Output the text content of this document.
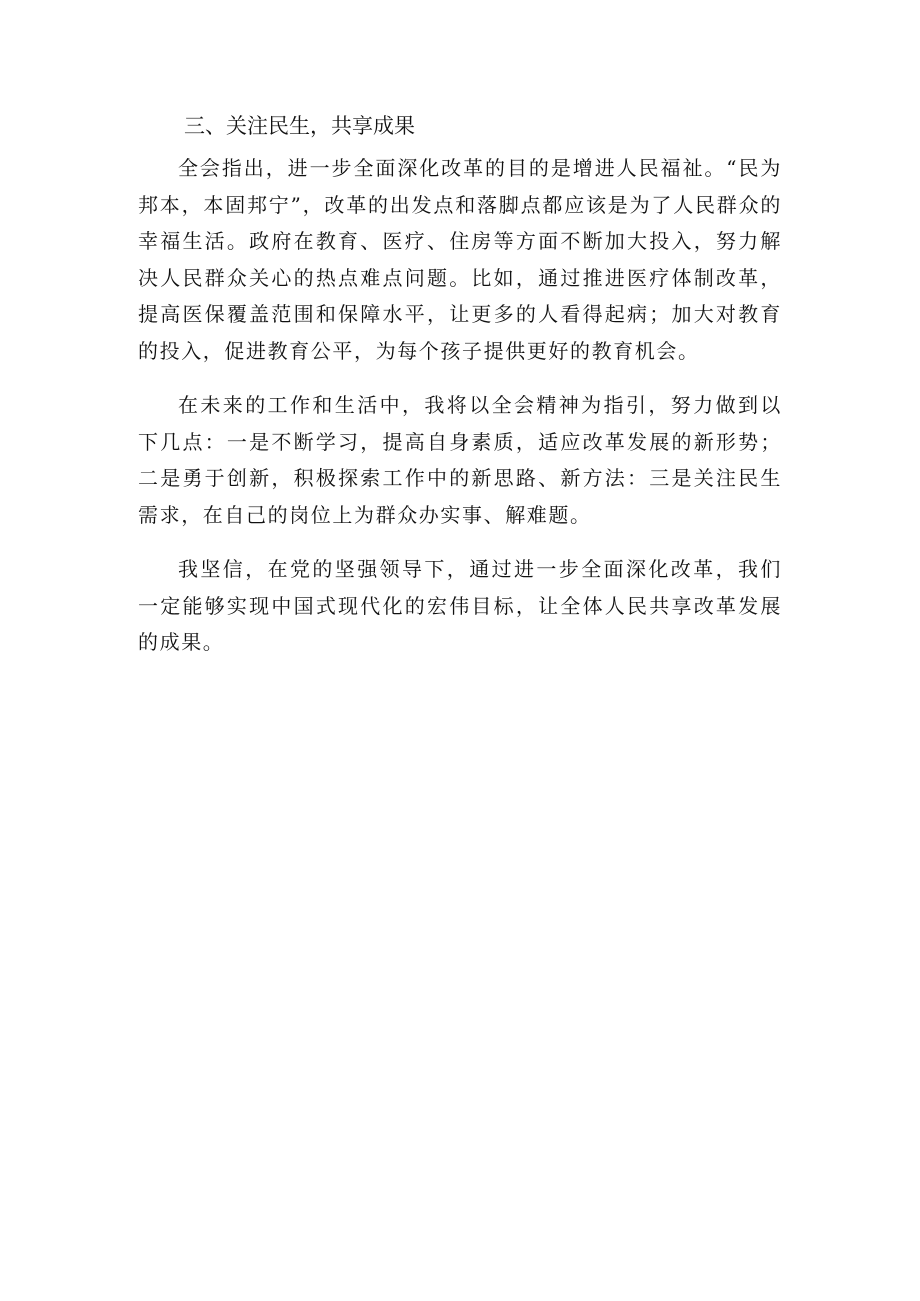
三、关注民生，共享成果

全会指出，进一步全面深化改革的目的是增进人民福祉。“民为邦本，本固邦宁”，改革的出发点和落脚点都应该是为了人民群众的幸福生活。政府在教育、医疗、住房等方面不断加大投入，努力解决人民群众关心的热点难点问题。比如，通过推进医疗体制改革，提高医保覆盖范围和保障水平，让更多的人看得起病；加大对教育的投入，促进教育公平，为每个孩子提供更好的教育机会。

在未来的工作和生活中，我将以全会精神为指引，努力做到以下几点：一是不断学习，提高自身素质，适应改革发展的新形势；二是勇于创新，积极探索工作中的新思路、新方法：三是关注民生需求，在自己的岗位上为群众办实事、解难题。

我坚信，在党的坚强领导下，通过进一步全面深化改革，我们一定能够实现中国式现代化的宏伟目标，让全体人民共享改革发展的成果。
